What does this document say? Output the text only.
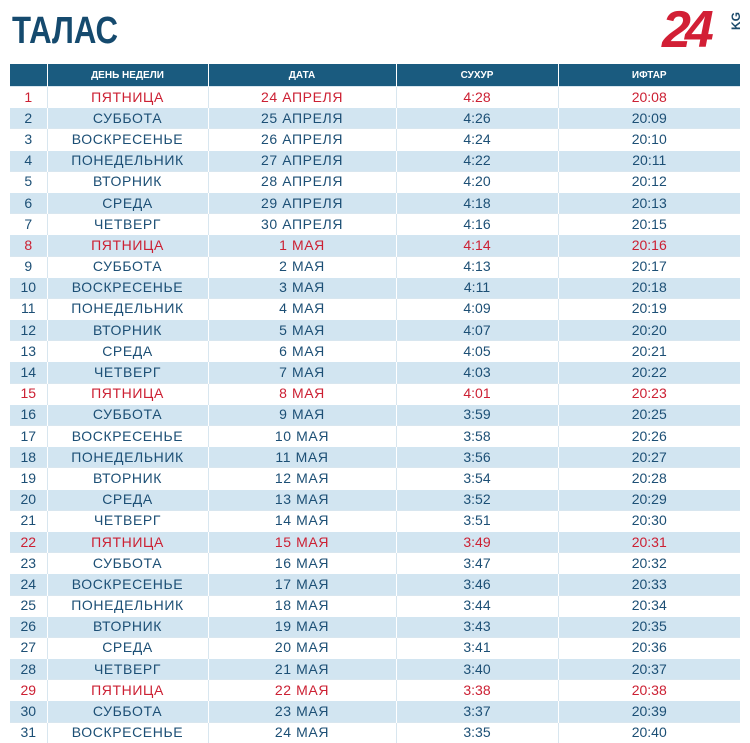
ТАЛАС	24 KG
	ДЕНЬ НЕДЕЛИ	ДАТА	СУХУР	ИФТАР
1	ПЯТНИЦА	24 АПРЕЛЯ	4:28	20:08
2	СУББОТА	25 АПРЕЛЯ	4:26	20:09
3	ВОСКРЕСЕНЬЕ	26 АПРЕЛЯ	4:24	20:10
4	ПОНЕДЕЛЬНИК	27 АПРЕЛЯ	4:22	20:11
5	ВТОРНИК	28 АПРЕЛЯ	4:20	20:12
6	СРЕДА	29 АПРЕЛЯ	4:18	20:13
7	ЧЕТВЕРГ	30 АПРЕЛЯ	4:16	20:15
8	ПЯТНИЦА	1 МАЯ	4:14	20:16
9	СУББОТА	2 МАЯ	4:13	20:17
10	ВОСКРЕСЕНЬЕ	3 МАЯ	4:11	20:18
11	ПОНЕДЕЛЬНИК	4 МАЯ	4:09	20:19
12	ВТОРНИК	5 МАЯ	4:07	20:20
13	СРЕДА	6 МАЯ	4:05	20:21
14	ЧЕТВЕРГ	7 МАЯ	4:03	20:22
15	ПЯТНИЦА	8 МАЯ	4:01	20:23
16	СУББОТА	9 МАЯ	3:59	20:25
17	ВОСКРЕСЕНЬЕ	10 МАЯ	3:58	20:26
18	ПОНЕДЕЛЬНИК	11 МАЯ	3:56	20:27
19	ВТОРНИК	12 МАЯ	3:54	20:28
20	СРЕДА	13 МАЯ	3:52	20:29
21	ЧЕТВЕРГ	14 МАЯ	3:51	20:30
22	ПЯТНИЦА	15 МАЯ	3:49	20:31
23	СУББОТА	16 МАЯ	3:47	20:32
24	ВОСКРЕСЕНЬЕ	17 МАЯ	3:46	20:33
25	ПОНЕДЕЛЬНИК	18 МАЯ	3:44	20:34
26	ВТОРНИК	19 МАЯ	3:43	20:35
27	СРЕДА	20 МАЯ	3:41	20:36
28	ЧЕТВЕРГ	21 МАЯ	3:40	20:37
29	ПЯТНИЦА	22 МАЯ	3:38	20:38
30	СУББОТА	23 МАЯ	3:37	20:39
31	ВОСКРЕСЕНЬЕ	24 МАЯ	3:35	20:40
